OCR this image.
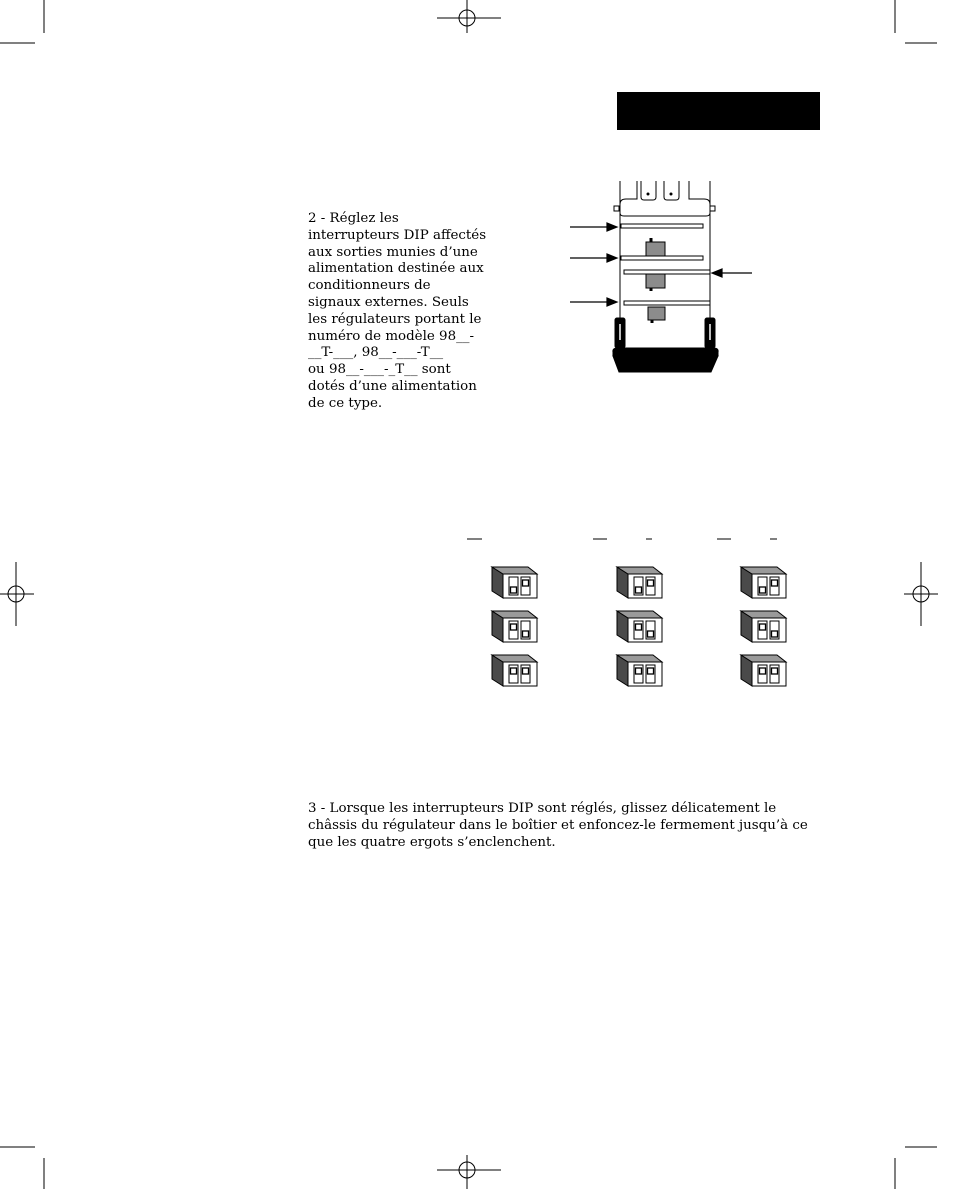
2 - Réglez les
interrupteurs DIP affectés
aux sorties munies d’une
alimentation destinée aux
conditionneurs de
signaux externes. Seuls
les régulateurs portant le
numéro de modèle 98__-
__T-___, 98__-___-T__
ou 98__-___-_T__ sont
dotés d’une alimentation
de ce type.

3 - Lorsque les interrupteurs DIP sont réglés, glissez délicatement le
châssis du régulateur dans le boîtier et enfoncez-le fermement jusqu’à ce
que les quatre ergots s’enclenchent.
